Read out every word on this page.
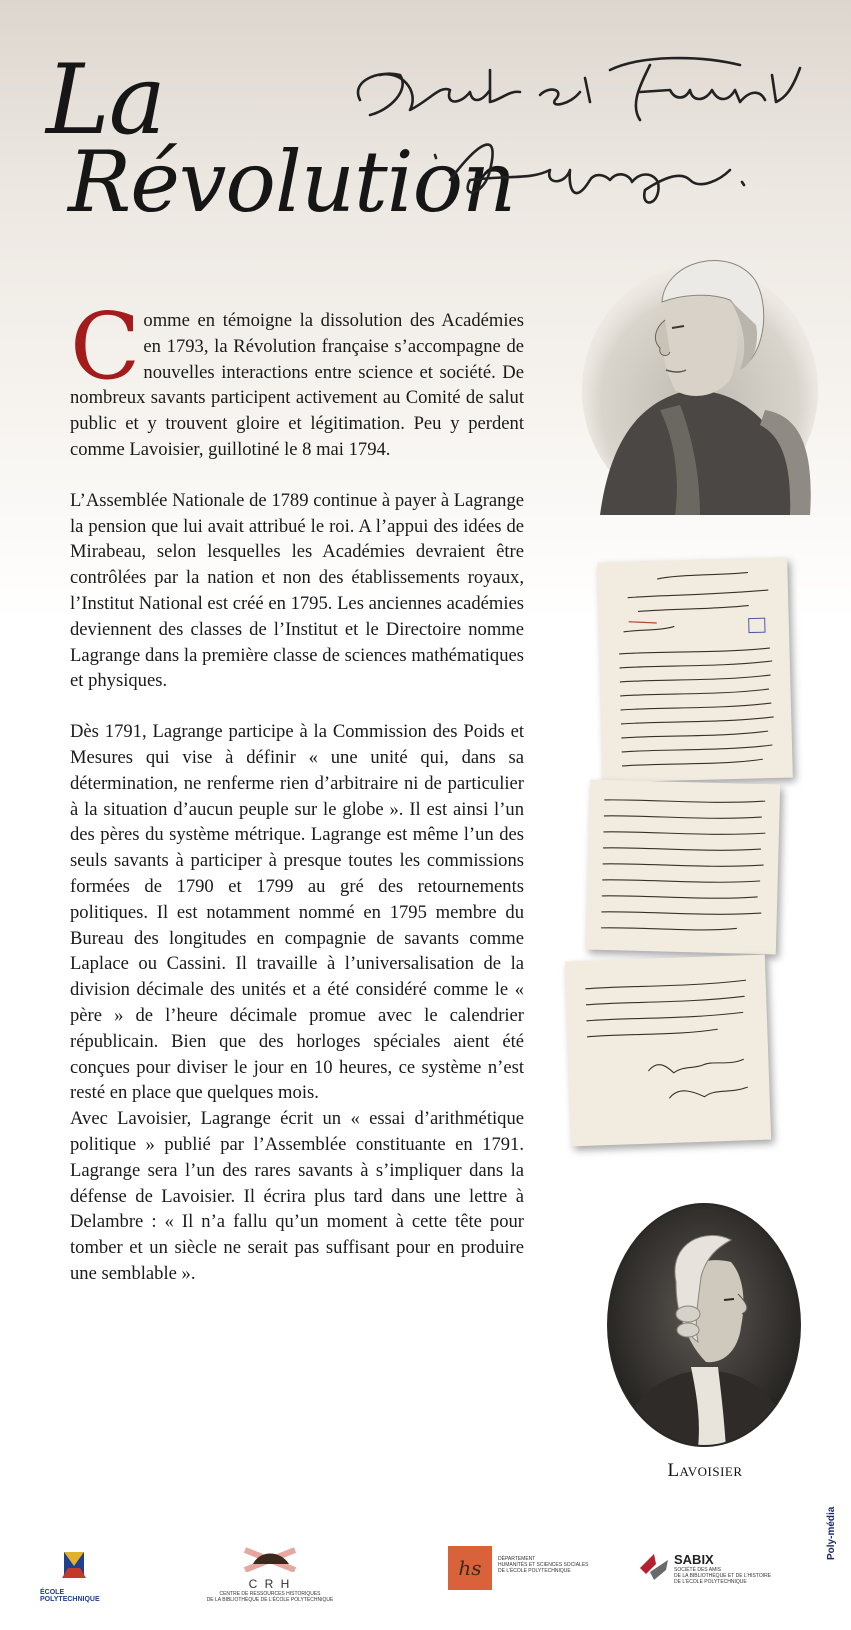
La
Révolution

Comme en témoigne la dissolution des Académies en 1793, la Révolution française s’accompagne de nouvelles interactions entre science et société. De nombreux savants participent activement au Comité de salut public et y trouvent gloire et légitimation. Peu y perdent comme Lavoisier, guillotiné le 8 mai 1794.

L’Assemblée Nationale de 1789 continue à payer à Lagrange la pension que lui avait attribué le roi. A l’appui des idées de Mirabeau, selon lesquelles les Académies devraient être contrôlées par la nation et non des établissements royaux, l’Institut National est créé en 1795. Les anciennes académies deviennent des classes de l’Institut et le Directoire nomme Lagrange dans la première classe de sciences mathématiques et physiques.

Dès 1791, Lagrange participe à la Commission des Poids et Mesures qui vise à définir « une unité qui, dans sa détermination, ne renferme rien d’arbitraire ni de particulier à la situation d’aucun peuple sur le globe ». Il est ainsi l’un des pères du système métrique. Lagrange est même l’un des seuls savants à participer à presque toutes les commissions formées de 1790 et 1799 au gré des retournements politiques. Il est notamment nommé en 1795 membre du Bureau des longitudes en compagnie de savants comme Laplace ou Cassini. Il travaille à l’universalisation de la division décimale des unités et a été considéré comme le « père » de l’heure décimale promue avec le calendrier républicain. Bien que des horloges spéciales aient été conçues pour diviser le jour en 10 heures, ce système n’est resté en place que quelques mois.

Avec Lavoisier, Lagrange écrit un « essai d’arithmétique politique » publié par l’Assemblée constituante en 1791. Lagrange sera l’un des rares savants à s’impliquer dans la défense de Lavoisier. Il écrira plus tard dans une lettre à Delambre : « Il n’a fallu qu’un moment à cette tête pour tomber et un siècle ne serait pas suffisant pour en produire une semblable ».

Lavoisier

ÉCOLE
POLYTECHNIQUE
C R H
CENTRE DE RESSOURCES HISTORIQUES
DE LA BIBLIOTHÈQUE DE L’ÉCOLE POLYTECHNIQUE
hs	DÉPARTEMENT
HUMANITÉS ET SCIENCES SOCIALES
DE L’ÉCOLE POLYTECHNIQUE
SABIX
SOCIÉTÉ DES AMIS
DE LA BIBLIOTHÈQUE ET DE L’HISTOIRE
DE L’ÉCOLE POLYTECHNIQUE
Poly-média
